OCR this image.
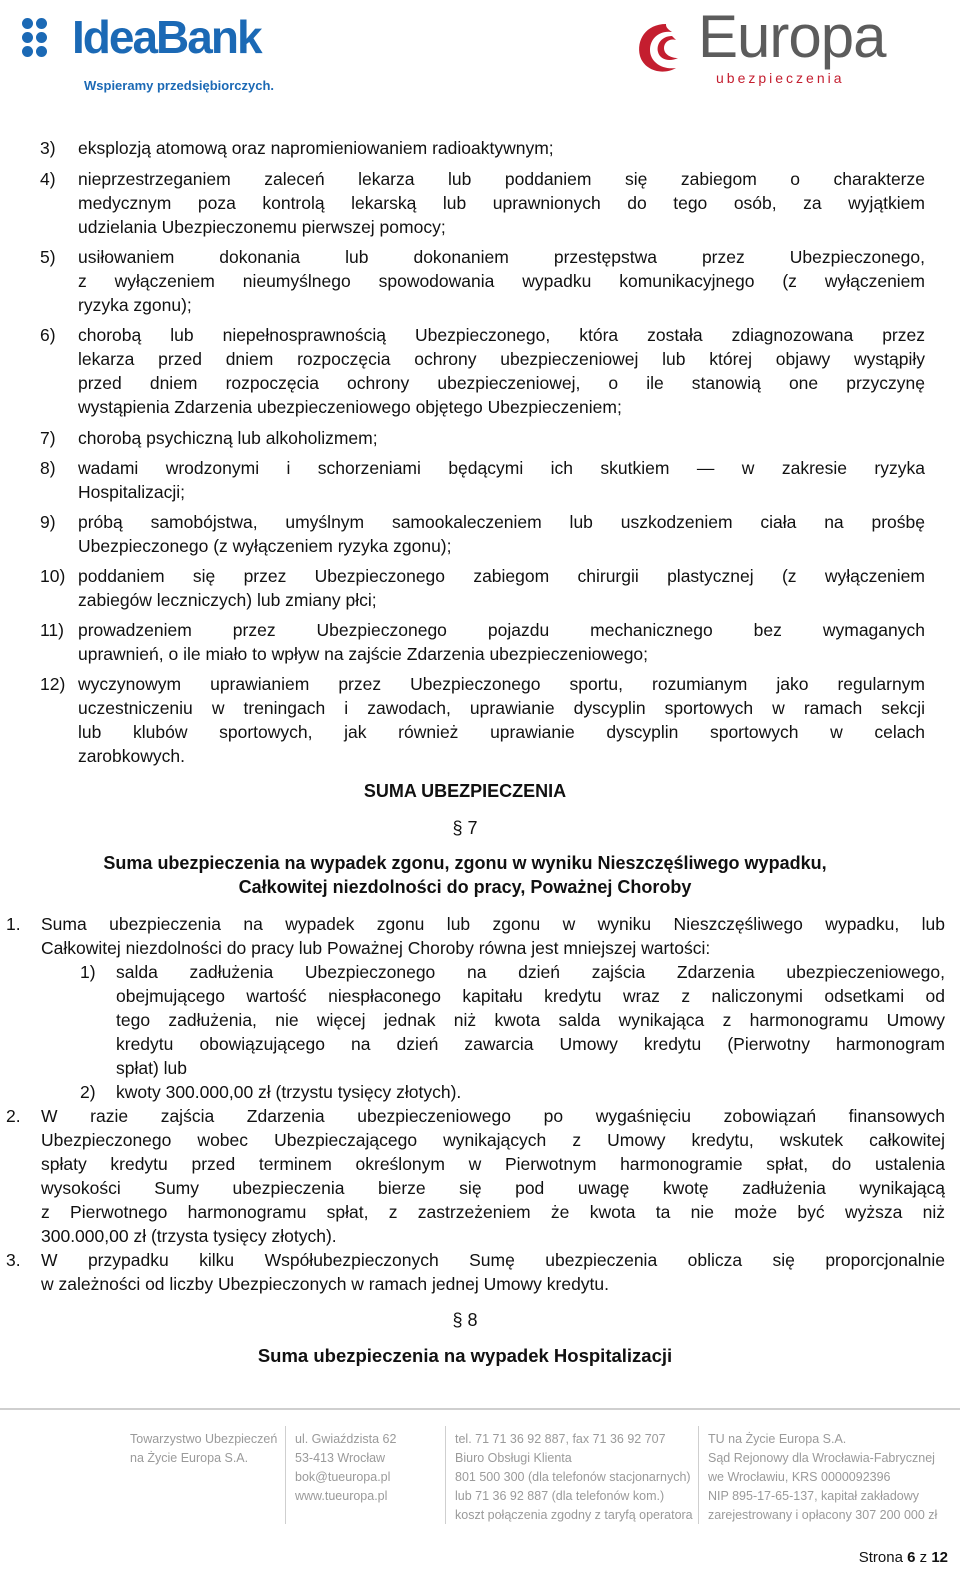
IdeaBank
Wspieramy przedsiębiorczych.
Europa
ubezpieczenia
3) eksplozją atomową oraz napromieniowaniem radioaktywnym;
4) nieprzestrzeganiem zaleceń lekarza lub poddaniem się zabiegom o charakterze
medycznym poza kontrolą lekarską lub uprawnionych do tego osób, za wyjątkiem
udzielania Ubezpieczonemu pierwszej pomocy;
5) usiłowaniem dokonania lub dokonaniem przestępstwa przez Ubezpieczonego,
z wyłączeniem nieumyślnego spowodowania wypadku komunikacyjnego (z wyłączeniem
ryzyka zgonu);
6) chorobą lub niepełnosprawnością Ubezpieczonego, która została zdiagnozowana przez
lekarza przed dniem rozpoczęcia ochrony ubezpieczeniowej lub której objawy wystąpiły
przed dniem rozpoczęcia ochrony ubezpieczeniowej, o ile stanowią one przyczynę
wystąpienia Zdarzenia ubezpieczeniowego objętego Ubezpieczeniem;
7) chorobą psychiczną lub alkoholizmem;
8) wadami wrodzonymi i schorzeniami będącymi ich skutkiem — w zakresie ryzyka
Hospitalizacji;
9) próbą samobójstwa, umyślnym samookaleczeniem lub uszkodzeniem ciała na prośbę
Ubezpieczonego (z wyłączeniem ryzyka zgonu);
10) poddaniem się przez Ubezpieczonego zabiegom chirurgii plastycznej (z wyłączeniem
zabiegów leczniczych) lub zmiany płci;
11) prowadzeniem przez Ubezpieczonego pojazdu mechanicznego bez wymaganych
uprawnień, o ile miało to wpływ na zajście Zdarzenia ubezpieczeniowego;
12) wyczynowym uprawianiem przez Ubezpieczonego sportu, rozumianym jako regularnym
uczestniczeniu w treningach i zawodach, uprawianie dyscyplin sportowych w ramach sekcji
lub klubów sportowych, jak również uprawianie dyscyplin sportowych w celach
zarobkowych.
SUMA UBEZPIECZENIA
§ 7
Suma ubezpieczenia na wypadek zgonu, zgonu w wyniku Nieszczęśliwego wypadku,
Całkowitej niezdolności do pracy, Poważnej Choroby
1. Suma ubezpieczenia na wypadek zgonu lub zgonu w wyniku Nieszczęśliwego wypadku, lub
Całkowitej niezdolności do pracy lub Poważnej Choroby równa jest mniejszej wartości:
1) salda zadłużenia Ubezpieczonego na dzień zajścia Zdarzenia ubezpieczeniowego,
obejmującego wartość niespłaconego kapitału kredytu wraz z naliczonymi odsetkami od
tego zadłużenia, nie więcej jednak niż kwota salda wynikająca z harmonogramu Umowy
kredytu obowiązującego na dzień zawarcia Umowy kredytu (Pierwotny harmonogram
spłat) lub
2) kwoty 300.000,00 zł (trzystu tysięcy złotych).
2. W razie zajścia Zdarzenia ubezpieczeniowego po wygaśnięciu zobowiązań finansowych
Ubezpieczonego wobec Ubezpieczającego wynikających z Umowy kredytu, wskutek całkowitej
spłaty kredytu przed terminem określonym w Pierwotnym harmonogramie spłat, do ustalenia
wysokości Sumy ubezpieczenia bierze się pod uwagę kwotę zadłużenia wynikającą
z Pierwotnego harmonogramu spłat, z zastrzeżeniem że kwota ta nie może być wyższa niż
300.000,00 zł (trzysta tysięcy złotych).
3. W przypadku kilku Współubezpieczonych Sumę ubezpieczenia oblicza się proporcjonalnie
w zależności od liczby Ubezpieczonych w ramach jednej Umowy kredytu.
§ 8
Suma ubezpieczenia na wypadek Hospitalizacji
Towarzystwo Ubezpieczeń
na Życie Europa S.A.
ul. Gwiaździsta 62
53-413 Wrocław
bok@tueuropa.pl
www.tueuropa.pl
tel. 71 71 36 92 887, fax 71 36 92 707
Biuro Obsługi Klienta
801 500 300 (dla telefonów stacjonarnych)
lub 71 36 92 887 (dla telefonów kom.)
koszt połączenia zgodny z taryfą operatora
TU na Życie Europa S.A.
Sąd Rejonowy dla Wrocławia-Fabrycznej
we Wrocławiu, KRS 0000092396
NIP 895-17-65-137, kapitał zakładowy
zarejestrowany i opłacony 307 200 000 zł
Strona 6 z 12
